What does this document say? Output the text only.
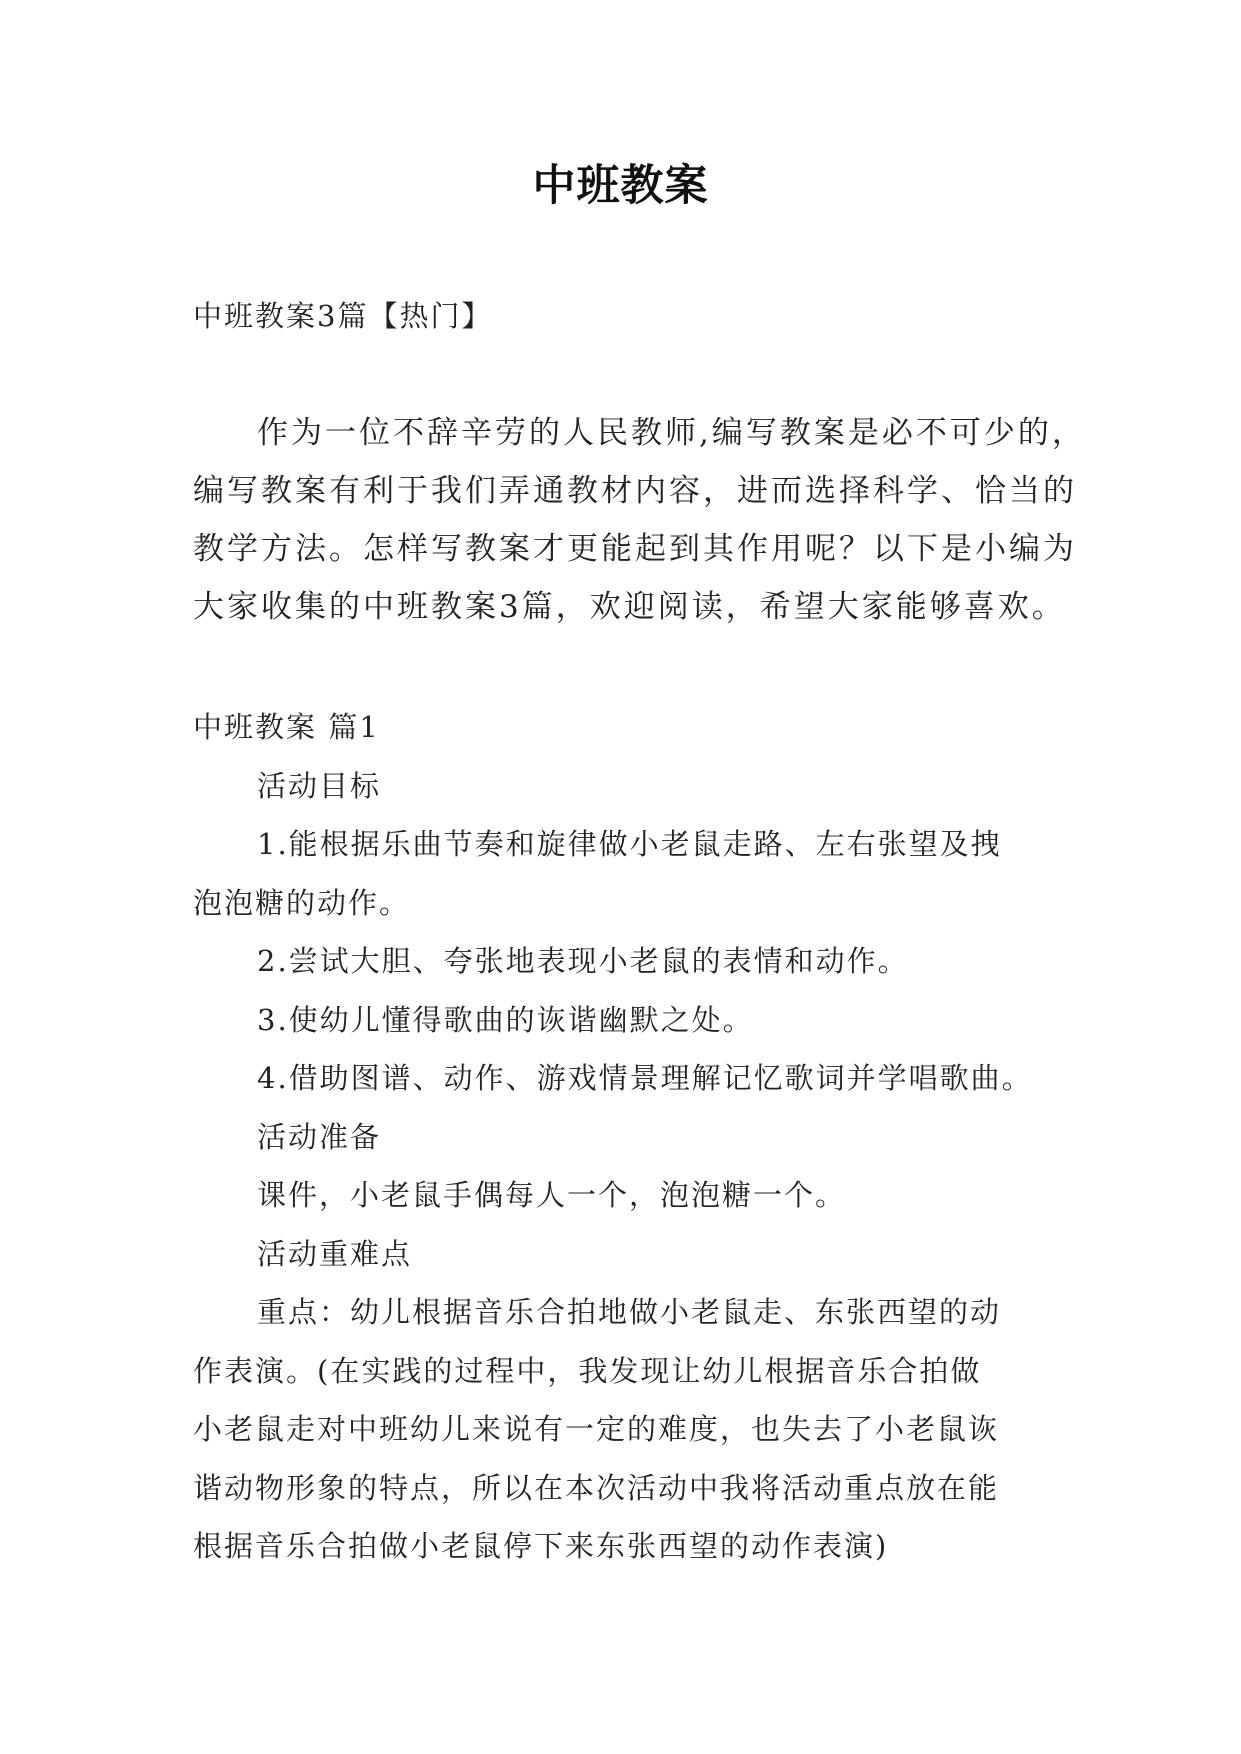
中班教案
中班教案3篇【热门】
作为一位不辞辛劳的人民教师,编写教案是必不可少的，
编写教案有利于我们弄通教材内容，进而选择科学、恰当的
教学方法。怎样写教案才更能起到其作用呢？以下是小编为
大家收集的中班教案3篇，欢迎阅读，希望大家能够喜欢。
中班教案 篇1
活动目标
1.能根据乐曲节奏和旋律做小老鼠走路、左右张望及拽
泡泡糖的动作。
2.尝试大胆、夸张地表现小老鼠的表情和动作。
3.使幼儿懂得歌曲的诙谐幽默之处。
4.借助图谱、动作、游戏情景理解记忆歌词并学唱歌曲。
活动准备
课件，小老鼠手偶每人一个，泡泡糖一个。
活动重难点
重点：幼儿根据音乐合拍地做小老鼠走、东张西望的动
作表演。(在实践的过程中，我发现让幼儿根据音乐合拍做
小老鼠走对中班幼儿来说有一定的难度，也失去了小老鼠诙
谐动物形象的特点，所以在本次活动中我将活动重点放在能
根据音乐合拍做小老鼠停下来东张西望的动作表演)
